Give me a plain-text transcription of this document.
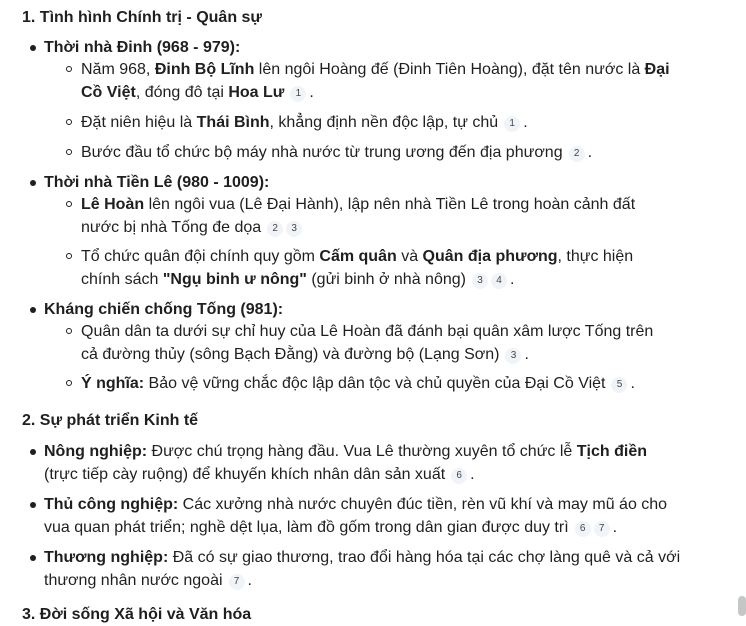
1. Tình hình Chính trị - Quân sự
Thời nhà Đinh (968 - 979):
Năm 968, Đinh Bộ Lĩnh lên ngôi Hoàng đế (Đinh Tiên Hoàng), đặt tên nước là Đại Cồ Việt, đóng đô tại Hoa Lư 1 .
Đặt niên hiệu là Thái Bình, khẳng định nền độc lập, tự chủ 1 .
Bước đầu tổ chức bộ máy nhà nước từ trung ương đến địa phương 2 .
Thời nhà Tiền Lê (980 - 1009):
Lê Hoàn lên ngôi vua (Lê Đại Hành), lập nên nhà Tiền Lê trong hoàn cảnh đất nước bị nhà Tống đe dọa 2 3
Tổ chức quân đội chính quy gồm Cấm quân và Quân địa phương, thực hiện chính sách "Ngụ binh ư nông" (gửi binh ở nhà nông) 3 4 .
Kháng chiến chống Tống (981):
Quân dân ta dưới sự chỉ huy của Lê Hoàn đã đánh bại quân xâm lược Tống trên cả đường thủy (sông Bạch Đằng) và đường bộ (Lạng Sơn) 3 .
Ý nghĩa: Bảo vệ vững chắc độc lập dân tộc và chủ quyền của Đại Cồ Việt 5 .
2. Sự phát triển Kinh tế
Nông nghiệp: Được chú trọng hàng đầu. Vua Lê thường xuyên tổ chức lễ Tịch điền (trực tiếp cày ruộng) để khuyến khích nhân dân sản xuất 6 .
Thủ công nghiệp: Các xưởng nhà nước chuyên đúc tiền, rèn vũ khí và may mũ áo cho vua quan phát triển; nghề dệt lụa, làm đồ gốm trong dân gian được duy trì 6 7 .
Thương nghiệp: Đã có sự giao thương, trao đổi hàng hóa tại các chợ làng quê và cả với thương nhân nước ngoài 7 .
3. Đời sống Xã hội và Văn hóa
